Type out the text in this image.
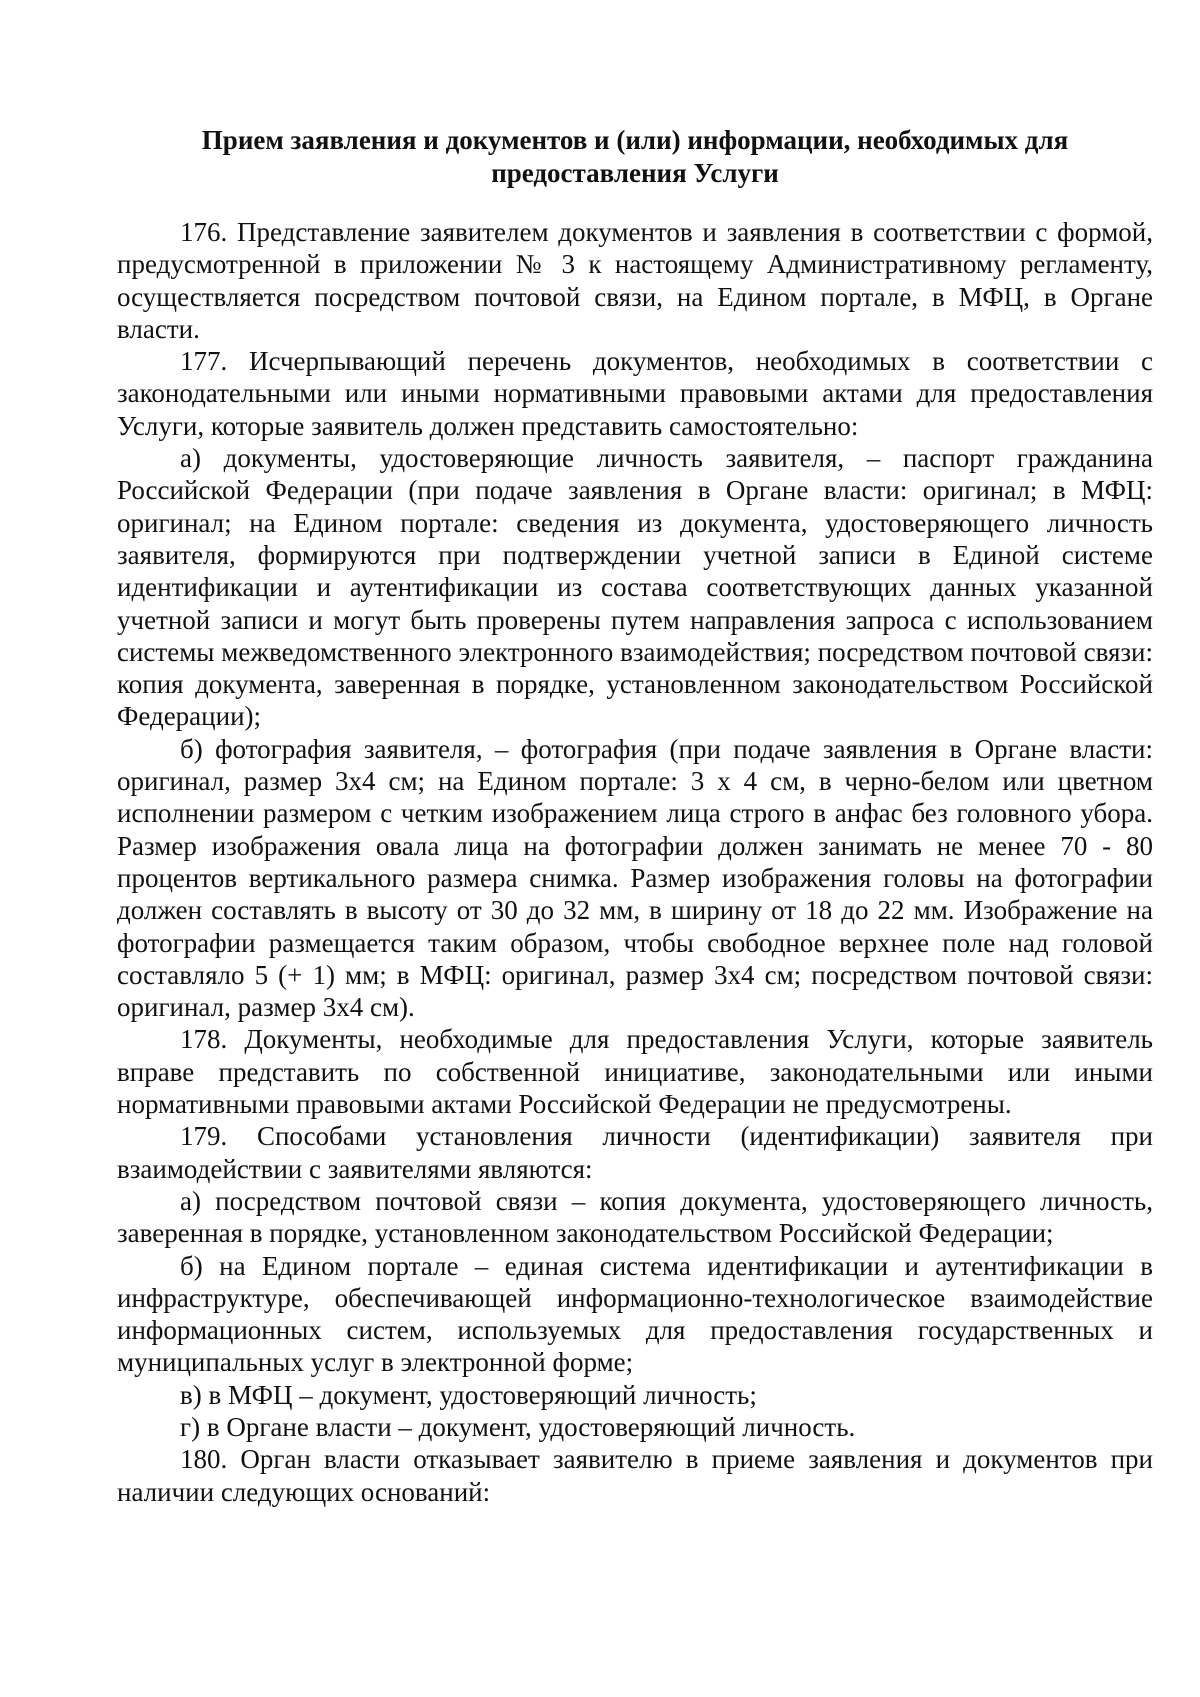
Прием заявления и документов и (или) информации, необходимых для
предоставления Услуги

176. Представление заявителем документов и заявления в соответствии с формой, предусмотренной в приложении № 3 к настоящему Административному регламенту, осуществляется посредством почтовой связи, на Едином портале, в МФЦ, в Органе власти.

177. Исчерпывающий перечень документов, необходимых в соответствии с законодательными или иными нормативными правовыми актами для предоставления Услуги, которые заявитель должен представить самостоятельно:

а) документы, удостоверяющие личность заявителя, – паспорт гражданина Российской Федерации (при подаче заявления в Органе власти: оригинал; в МФЦ: оригинал; на Едином портале: сведения из документа, удостоверяющего личность заявителя, формируются при подтверждении учетной записи в Единой системе идентификации и аутентификации из состава соответствующих данных указанной учетной записи и могут быть проверены путем направления запроса с использованием системы межведомственного электронного взаимодействия; посредством почтовой связи: копия документа, заверенная в порядке, установленном законодательством Российской Федерации);

б) фотография заявителя, – фотография (при подаче заявления в Органе власти: оригинал, размер 3x4 см; на Едином портале: 3 x 4 см, в черно-белом или цветном исполнении размером с четким изображением лица строго в анфас без головного убора. Размер изображения овала лица на фотографии должен занимать не менее 70 - 80 процентов вертикального размера снимка. Размер изображения головы на фотографии должен составлять в высоту от 30 до 32 мм, в ширину от 18 до 22 мм. Изображение на фотографии размещается таким образом, чтобы свободное верхнее поле над головой составляло 5 (+ 1) мм; в МФЦ: оригинал, размер 3x4 см; посредством почтовой связи: оригинал, размер 3x4 см).

178. Документы, необходимые для предоставления Услуги, которые заявитель вправе представить по собственной инициативе, законодательными или иными нормативными правовыми актами Российской Федерации не предусмотрены.

179. Способами установления личности (идентификации) заявителя при взаимодействии с заявителями являются:

а) посредством почтовой связи – копия документа, удостоверяющего личность, заверенная в порядке, установленном законодательством Российской Федерации;

б) на Едином портале – единая система идентификации и аутентификации в инфраструктуре, обеспечивающей информационно-технологическое взаимодействие информационных систем, используемых для предоставления государственных и муниципальных услуг в электронной форме;

в) в МФЦ – документ, удостоверяющий личность;

г) в Органе власти – документ, удостоверяющий личность.

180. Орган власти отказывает заявителю в приеме заявления и документов при наличии следующих оснований:
